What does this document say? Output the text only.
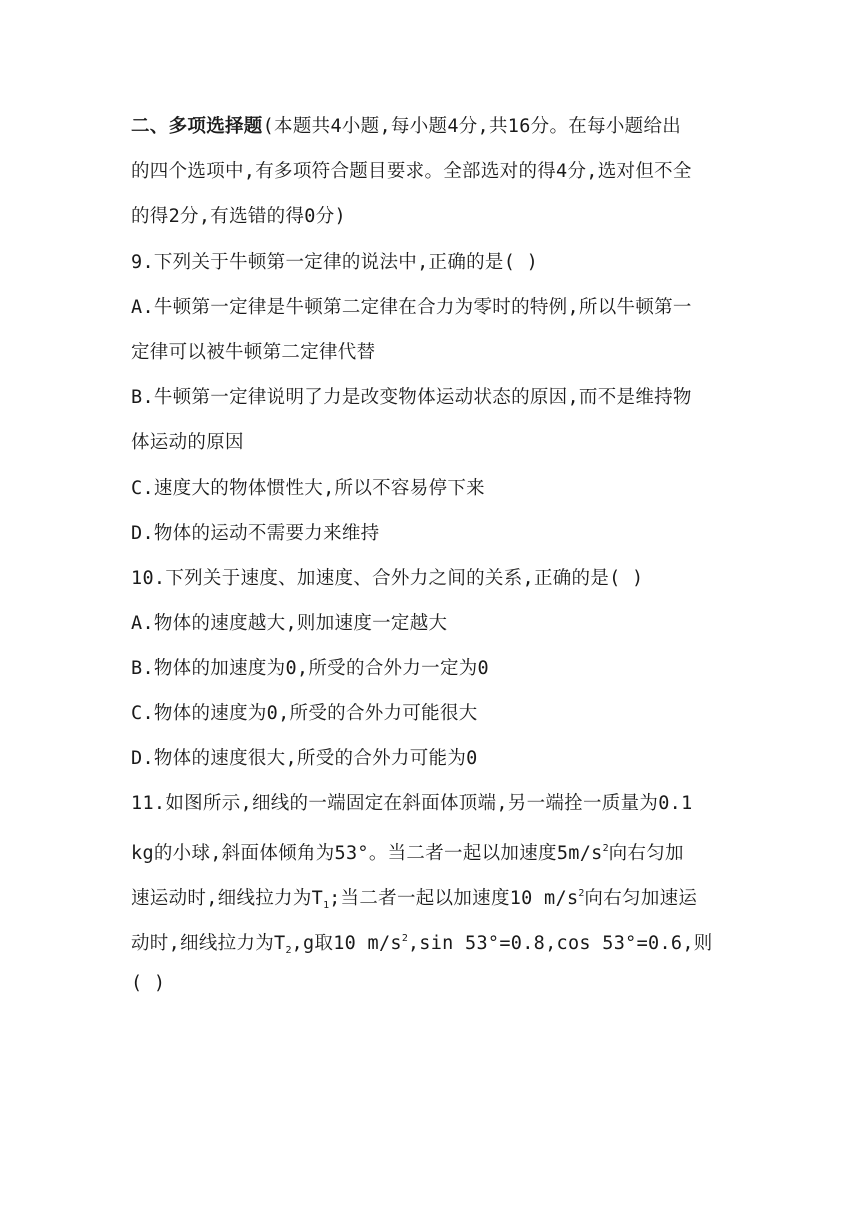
二、多项选择题(本题共4小题,每小题4分,共16分。在每小题给出
的四个选项中,有多项符合题目要求。全部选对的得4分,选对但不全
的得2分,有选错的得0分)
9.下列关于牛顿第一定律的说法中,正确的是( )
A.牛顿第一定律是牛顿第二定律在合力为零时的特例,所以牛顿第一
定律可以被牛顿第二定律代替
B.牛顿第一定律说明了力是改变物体运动状态的原因,而不是维持物
体运动的原因
C.速度大的物体惯性大,所以不容易停下来
D.物体的运动不需要力来维持
10.下列关于速度、加速度、合外力之间的关系,正确的是( )
A.物体的速度越大,则加速度一定越大
B.物体的加速度为0,所受的合外力一定为0
C.物体的速度为0,所受的合外力可能很大
D.物体的速度很大,所受的合外力可能为0
11.如图所示,细线的一端固定在斜面体顶端,另一端拴一质量为0.1
kg的小球,斜面体倾角为53°。当二者一起以加速度$5m/s^2$向右匀加
速运动时,细线拉力为$T_1$;当二者一起以加速度10 $m/s^2$向右匀加速运
动时,细线拉力为$T_2,g$取10 $m/s^2,\sin$ 53°=0.8,cos 53°=0.6,则
( )
